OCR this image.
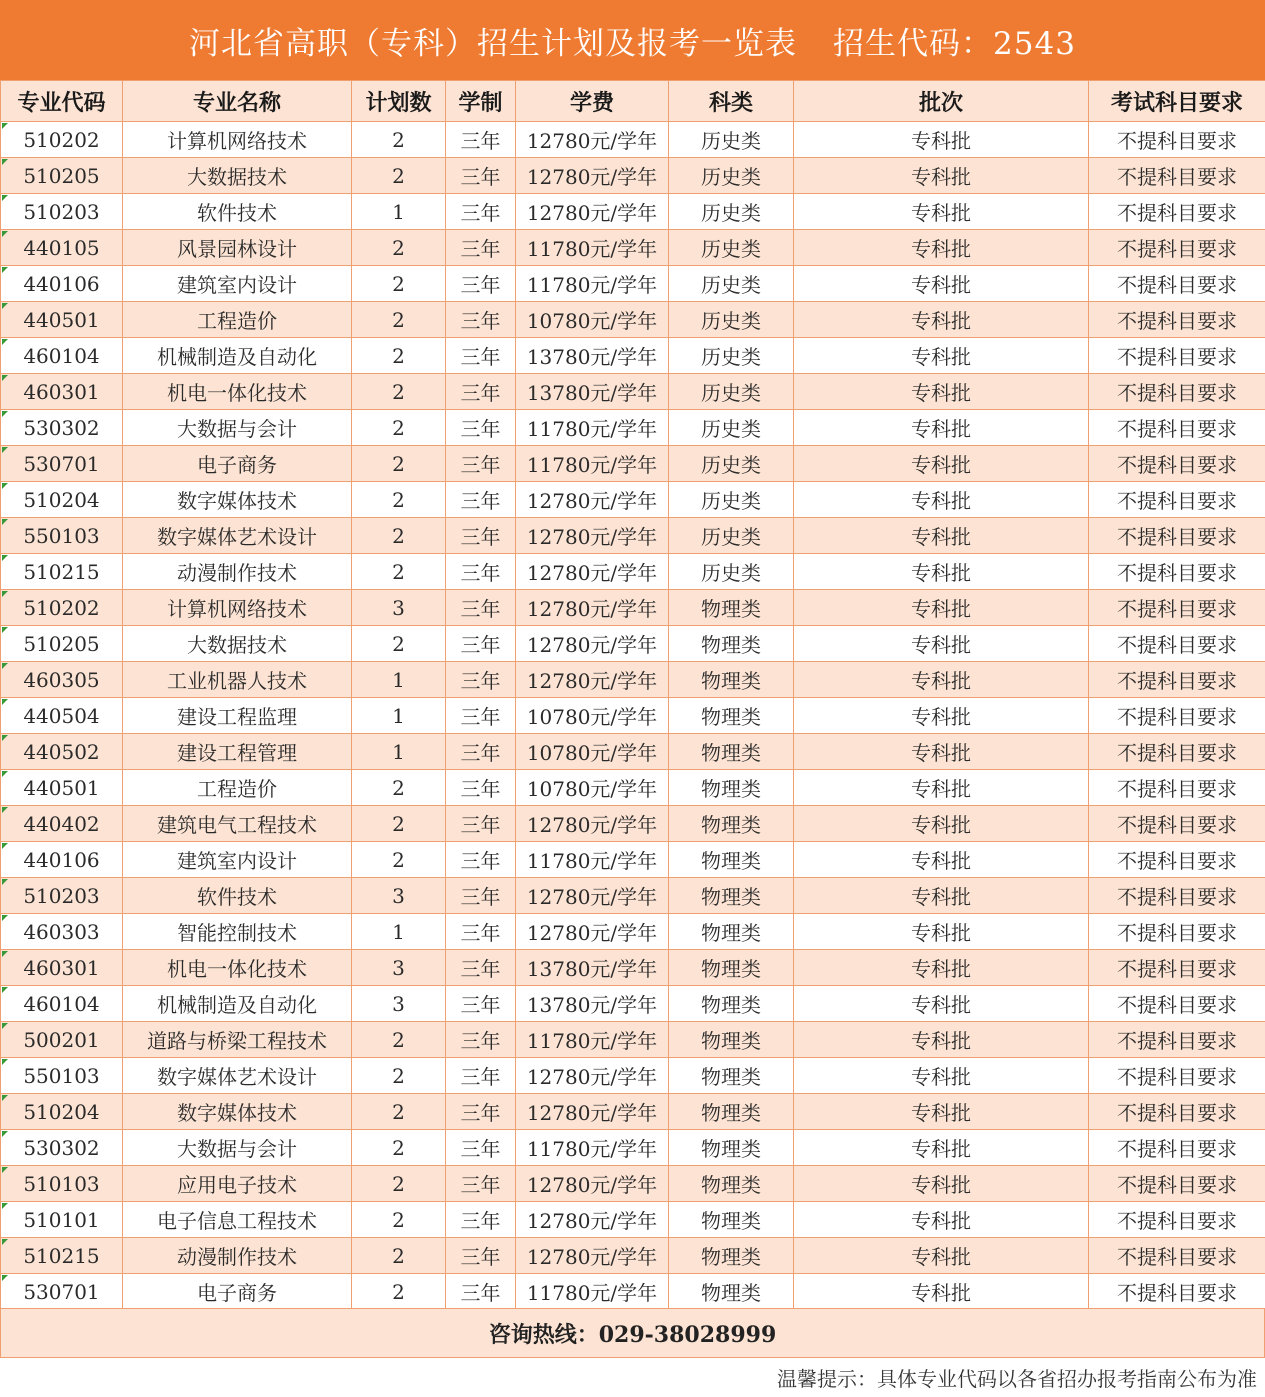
河北省高职（专科）招生计划及报考一览表 招生代码：2543
专业代码	专业名称	计划数	学制	学费	科类	批次	考试科目要求

510202	计算机网络技术	2	三年	12780元/学年	历史类	专科批	不提科目要求

510205	大数据技术	2	三年	12780元/学年	历史类	专科批	不提科目要求

510203	软件技术	1	三年	12780元/学年	历史类	专科批	不提科目要求

440105	风景园林设计	2	三年	11780元/学年	历史类	专科批	不提科目要求

440106	建筑室内设计	2	三年	11780元/学年	历史类	专科批	不提科目要求

440501	工程造价	2	三年	10780元/学年	历史类	专科批	不提科目要求

460104	机械制造及自动化	2	三年	13780元/学年	历史类	专科批	不提科目要求

460301	机电一体化技术	2	三年	13780元/学年	历史类	专科批	不提科目要求

530302	大数据与会计	2	三年	11780元/学年	历史类	专科批	不提科目要求

530701	电子商务	2	三年	11780元/学年	历史类	专科批	不提科目要求

510204	数字媒体技术	2	三年	12780元/学年	历史类	专科批	不提科目要求

550103	数字媒体艺术设计	2	三年	12780元/学年	历史类	专科批	不提科目要求

510215	动漫制作技术	2	三年	12780元/学年	历史类	专科批	不提科目要求

510202	计算机网络技术	3	三年	12780元/学年	物理类	专科批	不提科目要求

510205	大数据技术	2	三年	12780元/学年	物理类	专科批	不提科目要求

460305	工业机器人技术	1	三年	12780元/学年	物理类	专科批	不提科目要求

440504	建设工程监理	1	三年	10780元/学年	物理类	专科批	不提科目要求

440502	建设工程管理	1	三年	10780元/学年	物理类	专科批	不提科目要求

440501	工程造价	2	三年	10780元/学年	物理类	专科批	不提科目要求

440402	建筑电气工程技术	2	三年	12780元/学年	物理类	专科批	不提科目要求

440106	建筑室内设计	2	三年	11780元/学年	物理类	专科批	不提科目要求

510203	软件技术	3	三年	12780元/学年	物理类	专科批	不提科目要求

460303	智能控制技术	1	三年	12780元/学年	物理类	专科批	不提科目要求

460301	机电一体化技术	3	三年	13780元/学年	物理类	专科批	不提科目要求

460104	机械制造及自动化	3	三年	13780元/学年	物理类	专科批	不提科目要求

500201	道路与桥梁工程技术	2	三年	11780元/学年	物理类	专科批	不提科目要求

550103	数字媒体艺术设计	2	三年	12780元/学年	物理类	专科批	不提科目要求

510204	数字媒体技术	2	三年	12780元/学年	物理类	专科批	不提科目要求

530302	大数据与会计	2	三年	11780元/学年	物理类	专科批	不提科目要求

510103	应用电子技术	2	三年	12780元/学年	物理类	专科批	不提科目要求

510101	电子信息工程技术	2	三年	12780元/学年	物理类	专科批	不提科目要求

510215	动漫制作技术	2	三年	12780元/学年	物理类	专科批	不提科目要求

530701	电子商务	2	三年	11780元/学年	物理类	专科批	不提科目要求
咨询热线：029-38028999
温馨提示：具体专业代码以各省招办报考指南公布为准
